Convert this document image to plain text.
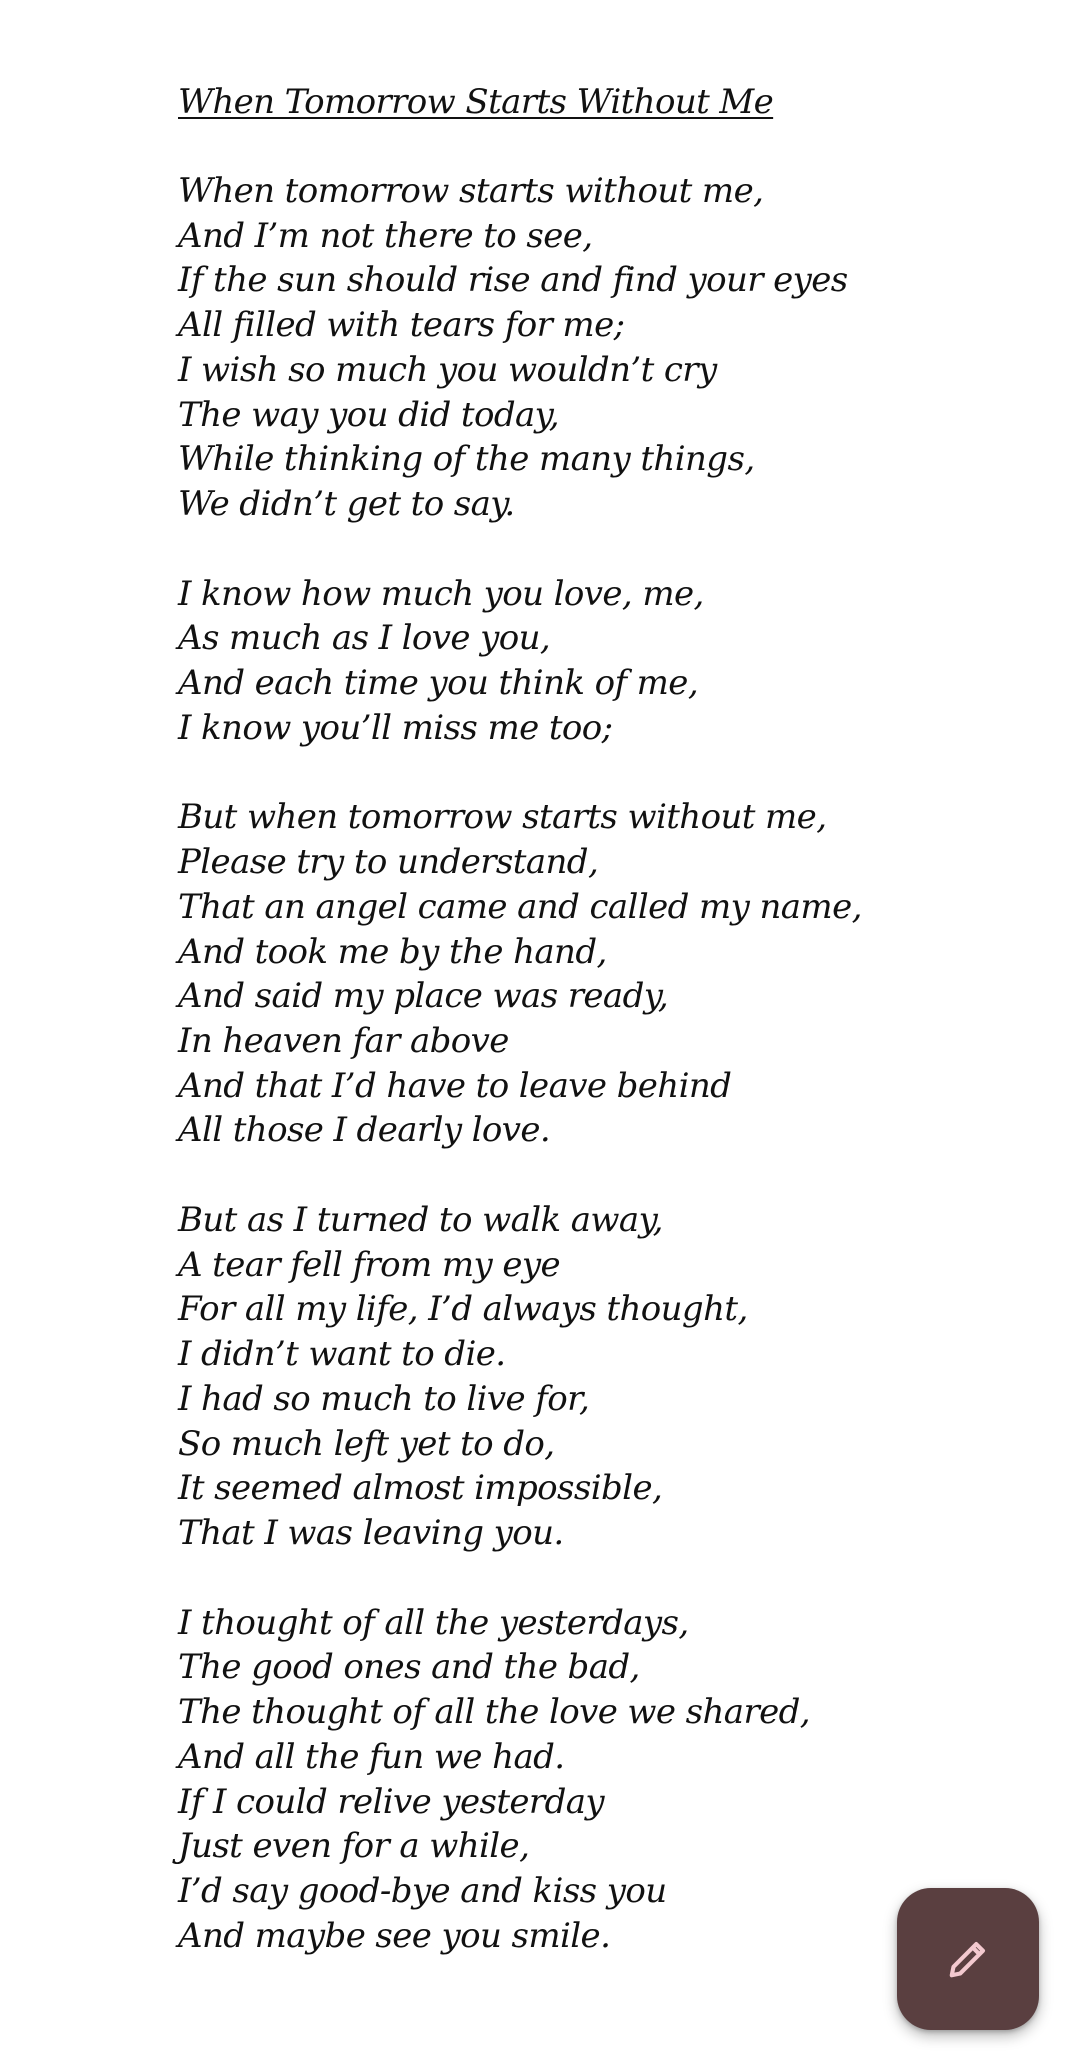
When Tomorrow Starts Without Me
When tomorrow starts without me,
And I’m not there to see,
If the sun should rise and find your eyes
All filled with tears for me;
I wish so much you wouldn’t cry
The way you did today,
While thinking of the many things,
We didn’t get to say.
I know how much you love, me,
As much as I love you,
And each time you think of me,
I know you’ll miss me too;
But when tomorrow starts without me,
Please try to understand,
That an angel came and called my name,
And took me by the hand,
And said my place was ready,
In heaven far above
And that I’d have to leave behind
All those I dearly love.
But as I turned to walk away,
A tear fell from my eye
For all my life, I’d always thought,
I didn’t want to die.
I had so much to live for,
So much left yet to do,
It seemed almost impossible,
That I was leaving you.
I thought of all the yesterdays,
The good ones and the bad,
The thought of all the love we shared,
And all the fun we had.
If I could relive yesterday
Just even for a while,
I’d say good-bye and kiss you
And maybe see you smile.
